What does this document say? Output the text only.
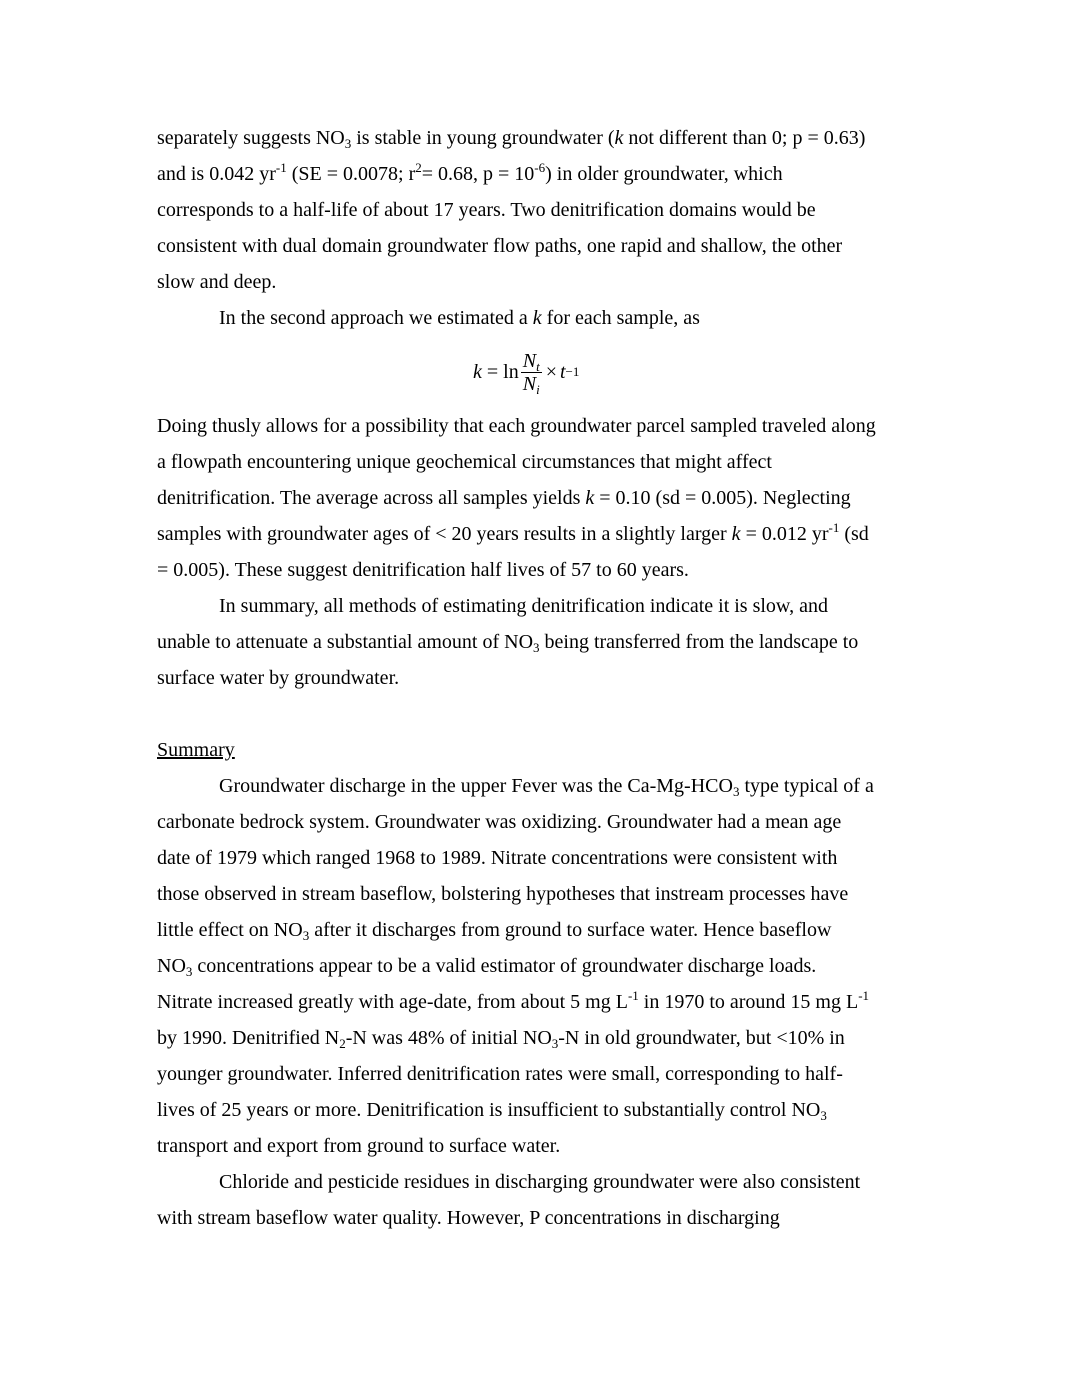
separately suggests $NO_3$ is stable in young groundwater (k not different than 0; p = 0.63)
and is 0.042 $yr^{-1}$ (SE = 0.0078; $r^2= 0.68$, $p = 10^{-6}$) in older groundwater, which
corresponds to a half-life of about 17 years. Two denitrification domains would be
consistent with dual domain groundwater flow paths, one rapid and shallow, the other
slow and deep.
In the second approach we estimated a k for each sample, as
$k = \ln \frac{N_t}{N_i} \times t -1$
Doing thusly allows for a possibility that each groundwater parcel sampled traveled along
a flowpath encountering unique geochemical circumstances that might affect
denitrification. The average across all samples yields k = 0.10 (sd = 0.005). Neglecting
samples with groundwater ages of < 20 years results in a slightly larger k = 0.012 $yr^{-1}$ (sd
= 0.005). These suggest denitrification half lives of 57 to 60 years.
In summary, all methods of estimating denitrification indicate it is slow, and
unable to attenuate a substantial amount of $NO_3$ being transferred from the landscape to
surface water by groundwater.
Summary
Groundwater discharge in the upper Fever was the $Ca-Mg-HCO_3$ type typical of a
carbonate bedrock system. Groundwater was oxidizing. Groundwater had a mean age
date of 1979 which ranged 1968 to 1989. Nitrate concentrations were consistent with
those observed in stream baseflow, bolstering hypotheses that instream processes have
little effect on $NO_3$ after it discharges from ground to surface water. Hence baseflow
$NO_3$ concentrations appear to be a valid estimator of groundwater discharge loads.
Nitrate increased greatly with age-date, from about 5 mg $L^{-1}$ in 1970 to around 15 mg $L^{-1}$
by 1990. Denitrified $N_2-N$ was 48% of initial $NO_3-N$ in old groundwater, but <10% in
younger groundwater. Inferred denitrification rates were small, corresponding to half-
lives of 25 years or more. Denitrification is insufficient to substantially control $NO_3$
transport and export from ground to surface water.
Chloride and pesticide residues in discharging groundwater were also consistent
with stream baseflow water quality. However, P concentrations in discharging
